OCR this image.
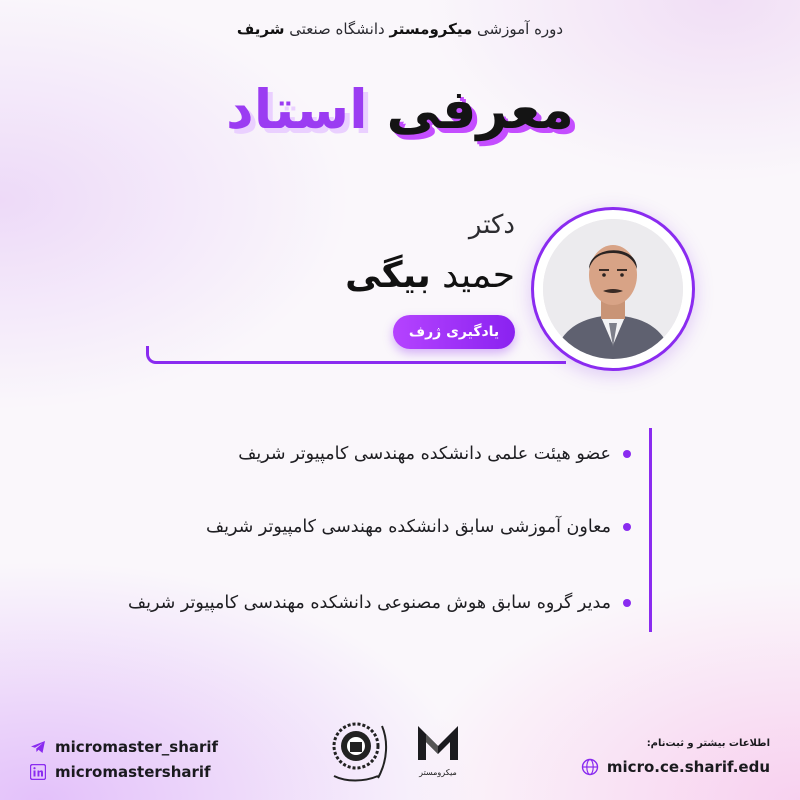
دوره آموزشی میکرومستر دانشگاه صنعتی شریف
معرفی استاد
دکتر
حمید بیگی
یادگیری ژرف
عضو هیئت علمی دانشکده مهندسی کامپیوتر شریف
معاون آموزشی سابق دانشکده مهندسی کامپیوتر شریف
مدیر گروه سابق هوش مصنوعی دانشکده مهندسی کامپیوتر شریف
micromaster_sharif
micromastersharif	میکرومستر
اطلاعات بیشتر و ثبت‌نام:
micro.ce.sharif.edu
